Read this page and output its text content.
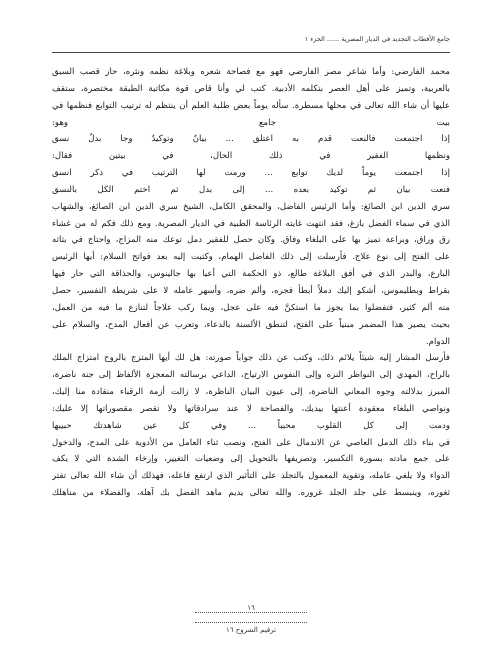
جامع الأقطاب التجديد في الديار المصرية ...... الجزء ١
محمد الفارضي: وأما شاعر مصر الفارضي فهو مع فصاحة شعره وبلاغة نظمه ونثره، حاز قصب السبق
بالعربية، وتميز على أهل العصر بتكلمه الأدبية. كتب لي وأنا قاص قوة مكاتبة الطبقة مختصرة، ستقف
عليها أن شاء الله تعالى في محلها مسطرة. سأله يوماً بعض طلبة العلم أن ينتظم له ترتيب التوابع فنظمها في
بيت جامع
وهو:
إذا اجتمعت فالنعت قدم به اعتلق ... بيانٌ وتوكيدٌ وجا بدلٌ نسق
ونظمها الفقير في ذلك الحال، في بيتين فقال:
إذا اجتمعت يوماً لديك توابع ... ورمت لها الترتيب في ذكر انسق
فنعت بيان ثم توكيد بعده ... إلى بدل ثم اختم الكل بالنسق
سري الدين ابن الصائغ: وأما الرئيس الفاضل، والمحقق الكامل، الشيخ سري الدين ابن الصائغ، والشهاب
الذي في سماء الفضل بازغ، فقد انتهت غايته الرئاسة الطبية في الديار المصرية. ومع ذلك فكم له من غشاء
رق وراق، وبراعة تميز بها على البلغاء وفاق. وكان حصل للفقير دمل توعك منه المزاج، واحتاج في بثاثه
على الفتح إلى نوع علاج. فأرسلت إلى ذلك الفاضل الهمام، وكتبت إليه بعد فواتح السلام: أيها الرئيس
البارع، والبدر الذي في أفق البلاغة طالع، ذو الحكمة التي أعيا بها جالينوس، والحذاقة التي حار فيها
بقراط وبطليموس، أشكو إليك دملاً أبطأ فجره، وألم ضره، وأسهر عامله لا على شريطة التفسير، حصل
منه ألم كثير، فتفضلوا بما يجوز ما استكنَّ فيه على عجل، ويما ركب علاجاً لتنازع ما فيه من العمل،
بحيث يصير هذا المضمر مبنياً على الفتح، لتنطق الألسنة بالدعاء، وتعرب عن أفعال المدح، والسلام على
الدوام.
فأرسل المشار إليه شيئاً يلائم ذلك، وكتب عن ذلك جواباً صورته: هل لك أيها المتزج بالروح امتزاج الملك
بالراح، المهدي إلى النواظر النزه وإلى النفوس الارتياح، الداعي برسالته المعجزة الألفاظ إلى جنة ناضرة،
المبرز بدلالته وجوه المعاني الناضرة، إلى عيون البيان الناظرة، لا زالت أزمة الرقباء منقادة منا إليك،
ونواصي البلغاء معقودة أعنتها بيديك، والفصاحة لا عند سرادقاتها ولا تقصر مقصوراتها إلا عليك:
ودمت إلى كل القلوب محبباً ... وفي كل عين شاهدتك حبيبها
في بناء ذلك الدمل العاصي عن الاندمال على الفتح، ونصب ثناء العامل من الأدوية على المدح، والدخول
على جمع مادته بسورة التكسير، وتصريفها بالتحويل إلى وضعيات التغيير، وإرخاء الشدة التي لا يكف
الدواء ولا يلغي عامله، وتقوية المعمول بالتجلد على التأثير الذي ارتفع فاعله، فهذلك أن شاء الله تعالى تفتر
ثغوره، وينبسط على جلد الجلد غروره. والله تعالى يديم ماهد الفضل بك آهلة، والفضلاء من مناهلك
١٦
ترقيم الشروح ١٦
